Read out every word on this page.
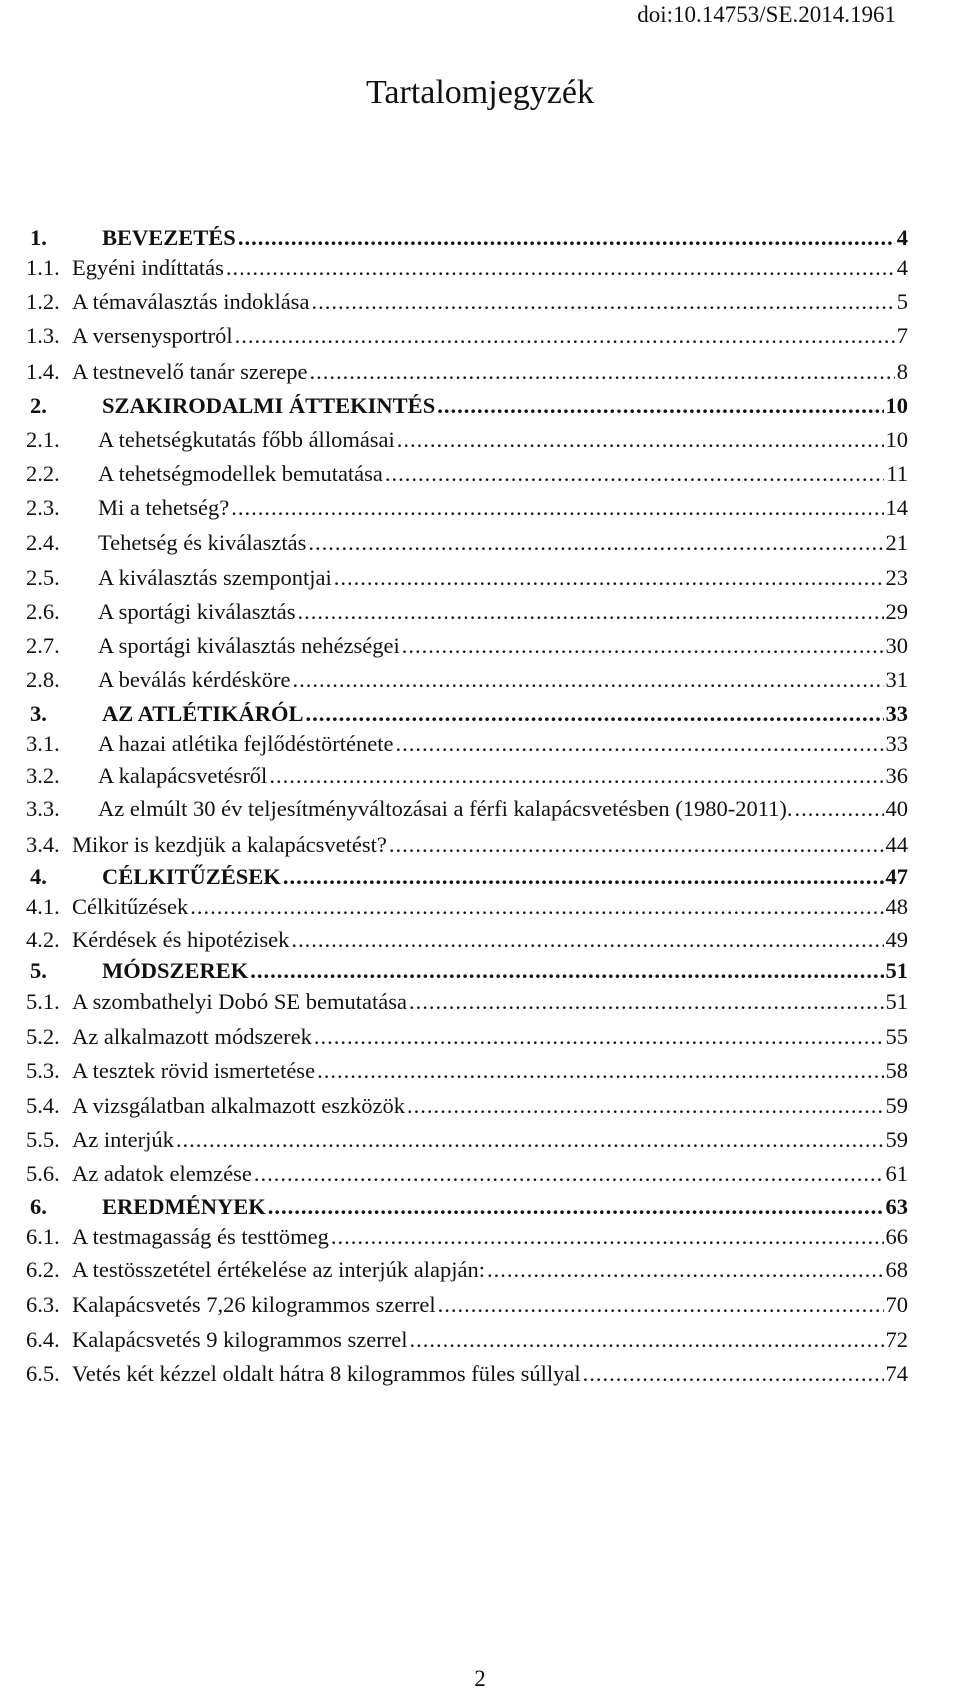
doi:10.14753/SE.2014.1961
Tartalomjegyzék
1.	BEVEZETÉS .....	4
1.1. Egyéni indíttatás .....	4
1.2. A témaválasztás indoklása .....	5
1.3. A versenysportról .....	7
1.4. A testnevelő tanár szerepe .....	8
2.	SZAKIRODALMI ÁTTEKINTÉS .....	10
2.1.	A tehetségkutatás főbb állomásai .....	10
2.2.	A tehetségmodellek bemutatása .....	11
2.3.	Mi a tehetség? .....	14
2.4.	Tehetség és kiválasztás .....	21
2.5.	A kiválasztás szempontjai .....	23
2.6.	A sportági kiválasztás .....	29
2.7.	A sportági kiválasztás nehézségei .....	30
2.8.	A beválás kérdésköre .....	31
3.	AZ ATLÉTIKÁRÓL .....	33
3.1.	A hazai atlétika fejlődéstörténete .....	33
3.2.	A kalapácsvetésről .....	36
3.3.	Az elmúlt 30 év teljesítményváltozásai a férfi kalapácsvetésben (1980-2011). .....	40
3.4. Mikor is kezdjük a kalapácsvetést? .....	44
4.	CÉLKITŰZÉSEK .....	47
4.1. Célkitűzések .....	48
4.2. Kérdések és hipotézisek .....	49
5.	MÓDSZEREK .....	51
5.1. A szombathelyi Dobó SE bemutatása .....	51
5.2. Az alkalmazott módszerek .....	55
5.3. A tesztek rövid ismertetése .....	58
5.4. A vizsgálatban alkalmazott eszközök .....	59
5.5. Az interjúk .....	59
5.6. Az adatok elemzése .....	61
6.	EREDMÉNYEK .....	63
6.1. A testmagasság és testtömeg .....	66
6.2. A testösszetétel értékelése az interjúk alapján: .....	68
6.3. Kalapácsvetés 7,26 kilogrammos szerrel .....	70
6.4. Kalapácsvetés 9 kilogrammos szerrel .....	72
6.5. Vetés két kézzel oldalt hátra 8 kilogrammos füles súllyal .....	74
2
